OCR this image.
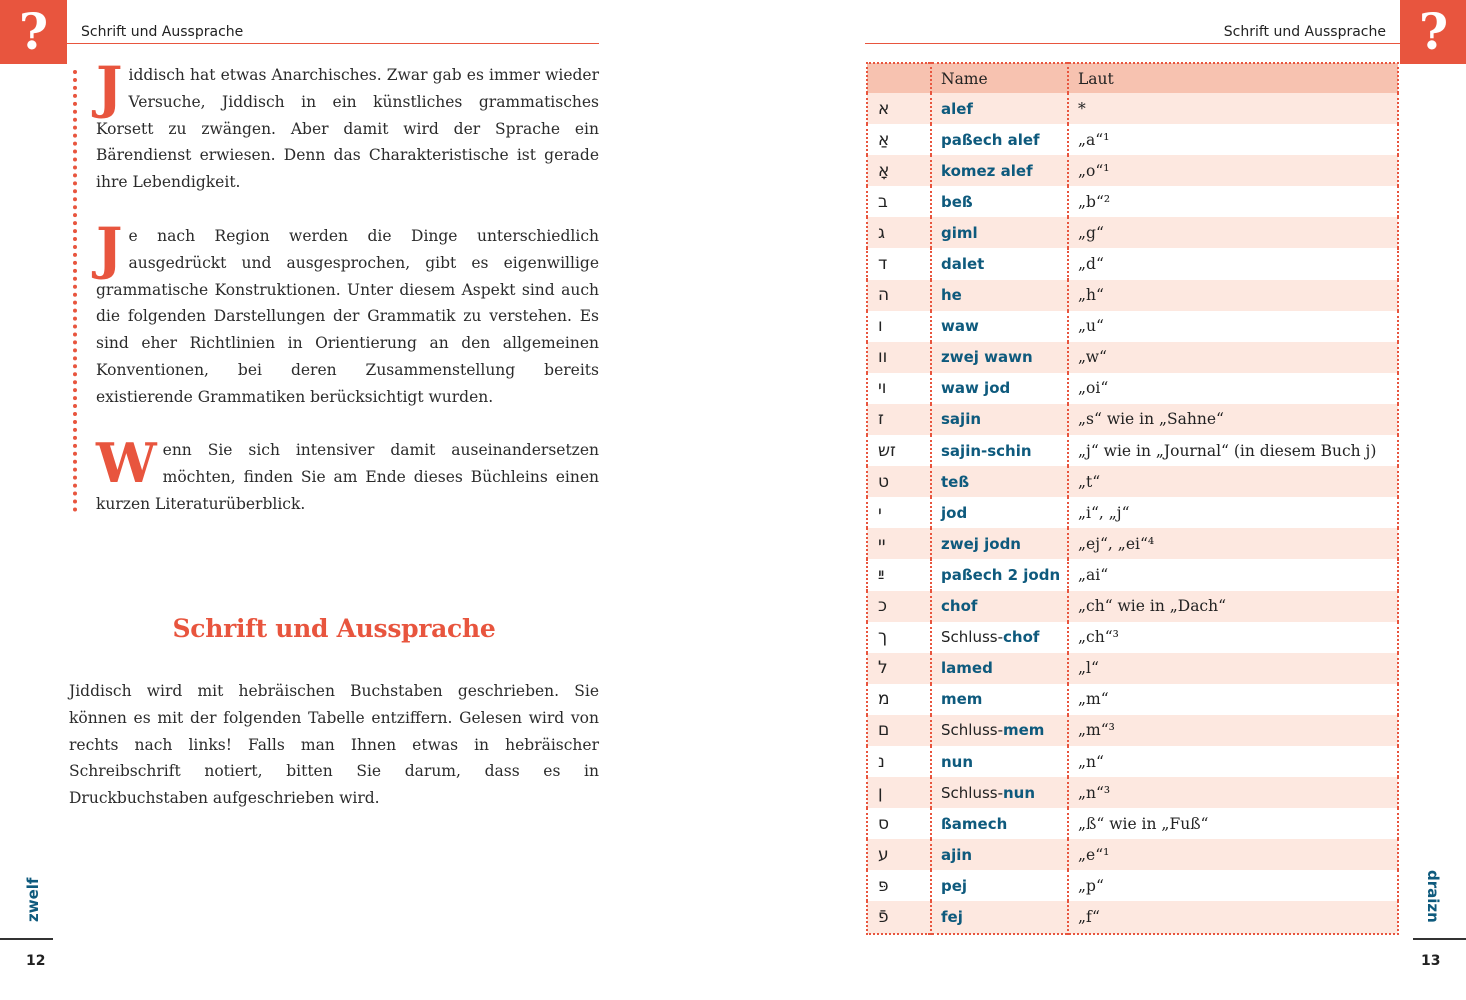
?	Schrift und Aussprache

Jiddisch hat etwas Anarchisches. Zwar gab es immer wieder Versuche, Jiddisch in ein künstliches grammatisches Korsett zu zwängen. Aber damit wird der Sprache ein Bärendienst erwiesen. Denn das Charakteristische ist gerade ihre Lebendigkeit.

Je nach Region werden die Dinge unterschiedlich ausgedrückt und ausgesprochen, gibt es eigenwillige grammatische Konstruktionen. Unter diesem Aspekt sind auch die folgenden Darstellungen der Grammatik zu verstehen. Es sind eher Richtlinien in Orientierung an den allgemeinen Konventionen, bei deren Zusammenstellung bereits existierende Grammatiken berücksichtigt wurden.

Wenn Sie sich intensiver damit auseinandersetzen möchten, finden Sie am Ende dieses Büchleins einen kurzen Literaturüberblick.

Schrift und Aussprache

Jiddisch wird mit hebräischen Buchstaben geschrieben. Sie können es mit der folgenden Tabelle entziffern. Gelesen wird von rechts nach links! Falls man Ihnen etwas in hebräischer Schreibschrift notiert, bitten Sie darum, dass es in Druckbuchstaben aufgeschrieben wird.

zwelf
12
?
Schrift und Aussprache
	Name	Laut
א	alef	*
אַ	paßech alef	„a“¹
אָ	komez alef	„o“¹
ב	beß	„b“²
ג	giml	„g“
ד	dalet	„d“
ה	he	„h“
ו	waw	„u“
וו	zwej wawn	„w“
וי	waw jod	„oi“
ז	sajin	„s“ wie in „Sahne“
זש	sajin-schin	„j“ wie in „Journal“ (in diesem Buch j)
ט	teß	„t“
י	jod	„i“, „j“
יי	zwej jodn	„ej“, „ei“⁴
ײַ	paßech 2 jodn	„ai“
כ	chof	„ch“ wie in „Dach“
ך	Schluss-chof	„ch“³
ל	lamed	„l“
מ	mem	„m“
ם	Schluss-mem	„m“³
נ	nun	„n“
ן	Schluss-nun	„n“³
ס	ßamech	„ß“ wie in „Fuß“
ע	ajin	„e“¹
פּ	pej	„p“
פֿ	fej	„f“	draizn
13
